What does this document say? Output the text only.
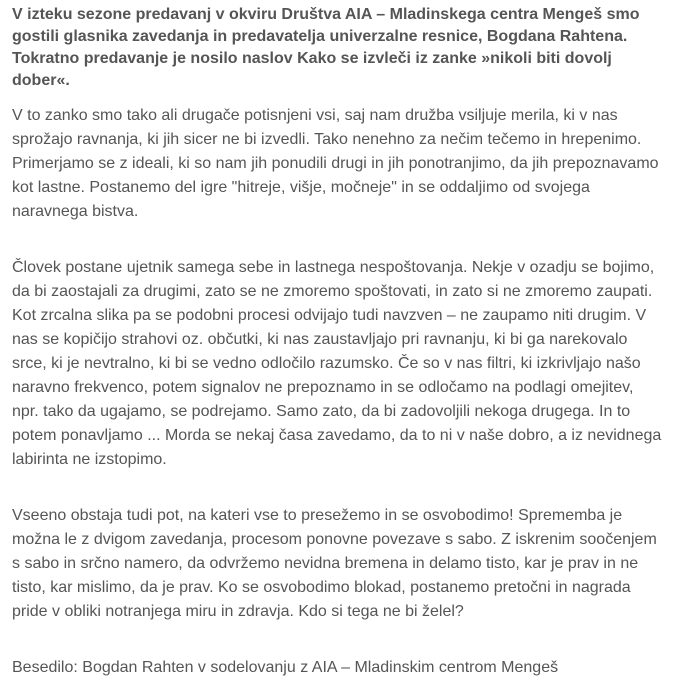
V izteku sezone predavanj v okviru Društva AIA – Mladinskega centra Mengeš smo gostili glasnika zavedanja in predavatelja univerzalne resnice, Bogdana Rahtena. Tokratno predavanje je nosilo naslov Kako se izvleči iz zanke »nikoli biti dovolj dober«.

V to zanko smo tako ali drugače potisnjeni vsi, saj nam družba vsiljuje merila, ki v nas sprožajo ravnanja, ki jih sicer ne bi izvedli. Tako nenehno za nečim tečemo in hrepenimo. Primerjamo se z ideali, ki so nam jih ponudili drugi in jih ponotranjimo, da jih prepoznavamo kot lastne. Postanemo del igre "hitreje, višje, močneje" in se oddaljimo od svojega naravnega bistva.

Človek postane ujetnik samega sebe in lastnega nespoštovanja. Nekje v ozadju se bojimo, da bi zaostajali za drugimi, zato se ne zmoremo spoštovati, in zato si ne zmoremo zaupati. Kot zrcalna slika pa se podobni procesi odvijajo tudi navzven – ne zaupamo niti drugim. V nas se kopičijo strahovi oz. občutki, ki nas zaustavljajo pri ravnanju, ki bi ga narekovalo srce, ki je nevtralno, ki bi se vedno odločilo razumsko. Če so v nas filtri, ki izkrivljajo našo naravno frekvenco, potem signalov ne prepoznamo in se odločamo na podlagi omejitev, npr. tako da ugajamo, se podrejamo. Samo zato, da bi zadovoljili nekoga drugega. In to potem ponavljamo ... Morda se nekaj časa zavedamo, da to ni v naše dobro, a iz nevidnega labirinta ne izstopimo.

Vseeno obstaja tudi pot, na kateri vse to presežemo in se osvobodimo! Sprememba je možna le z dvigom zavedanja, procesom ponovne povezave s sabo. Z iskrenim soočenjem s sabo in srčno namero, da odvržemo nevidna bremena in delamo tisto, kar je prav in ne tisto, kar mislimo, da je prav. Ko se osvobodimo blokad, postanemo pretočni in nagrada pride v obliki notranjega miru in zdravja. Kdo si tega ne bi želel?

Besedilo: Bogdan Rahten v sodelovanju z AIA – Mladinskim centrom Mengeš
